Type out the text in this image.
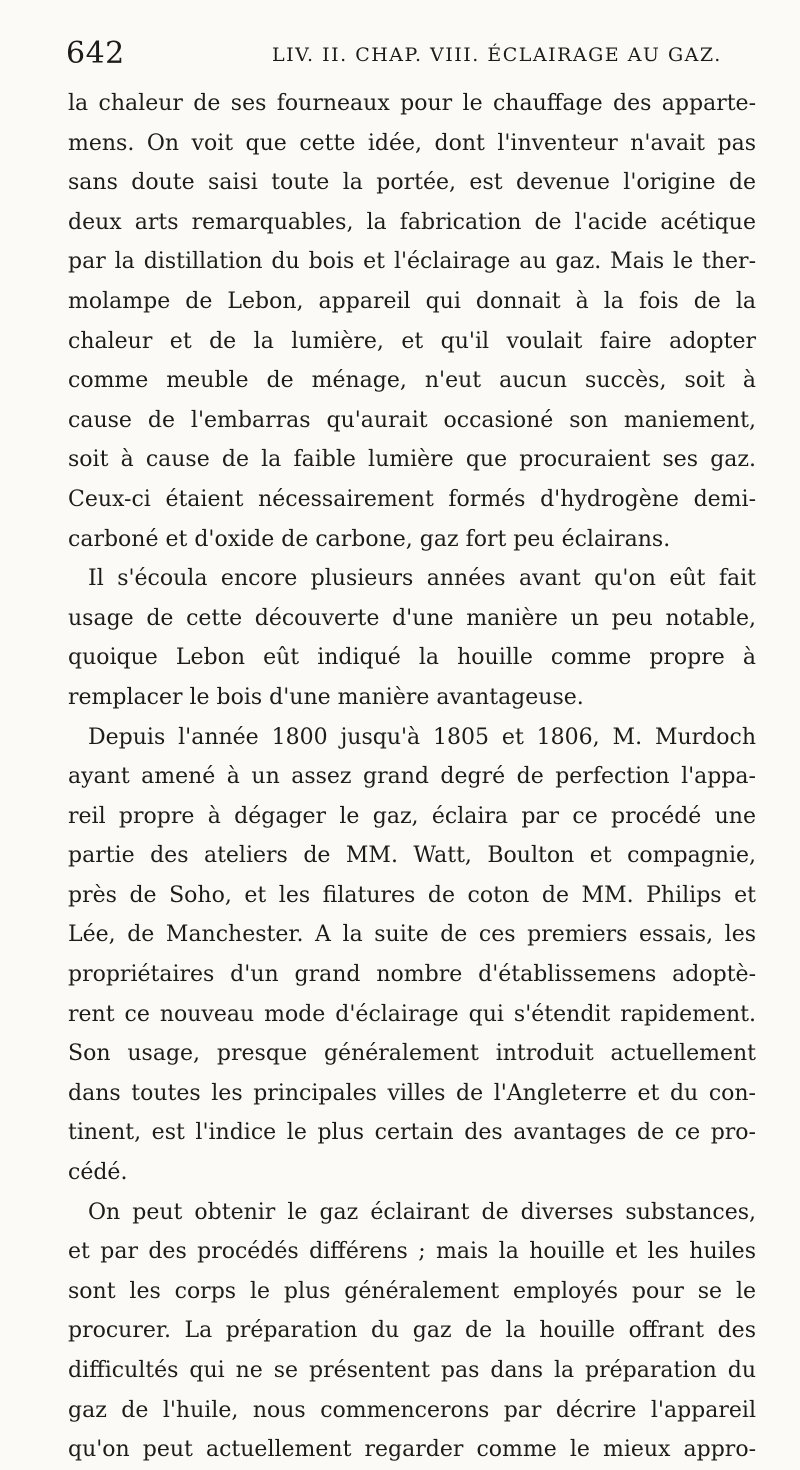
642	LIV. II. CHAP. VIII. ÉCLAIRAGE AU GAZ.

la chaleur de ses fourneaux pour le chauffage des apparte-
mens. On voit que cette idée, dont l'inventeur n'avait pas
sans doute saisi toute la portée, est devenue l'origine de
deux arts remarquables, la fabrication de l'acide acétique
par la distillation du bois et l'éclairage au gaz. Mais le ther-
molampe de Lebon, appareil qui donnait à la fois de la
chaleur et de la lumière, et qu'il voulait faire adopter
comme meuble de ménage, n'eut aucun succès, soit à
cause de l'embarras qu'aurait occasioné son maniement,
soit à cause de la faible lumière que procuraient ses gaz.
Ceux-ci étaient nécessairement formés d'hydrogène demi-
carboné et d'oxide de carbone, gaz fort peu éclairans.

Il s'écoula encore plusieurs années avant qu'on eût fait
usage de cette découverte d'une manière un peu notable,
quoique Lebon eût indiqué la houille comme propre à
remplacer le bois d'une manière avantageuse.

Depuis l'année 1800 jusqu'à 1805 et 1806, M. Murdoch
ayant amené à un assez grand degré de perfection l'appa-
reil propre à dégager le gaz, éclaira par ce procédé une
partie des ateliers de MM. Watt, Boulton et compagnie,
près de Soho, et les filatures de coton de MM. Philips et
Lée, de Manchester. A la suite de ces premiers essais, les
propriétaires d'un grand nombre d'établissemens adoptè-
rent ce nouveau mode d'éclairage qui s'étendit rapidement.
Son usage, presque généralement introduit actuellement
dans toutes les principales villes de l'Angleterre et du con-
tinent, est l'indice le plus certain des avantages de ce pro-
cédé.

On peut obtenir le gaz éclairant de diverses substances,
et par des procédés différens ; mais la houille et les huiles
sont les corps le plus généralement employés pour se le
procurer. La préparation du gaz de la houille offrant des
difficultés qui ne se présentent pas dans la préparation du
gaz de l'huile, nous commencerons par décrire l'appareil
qu'on peut actuellement regarder comme le mieux appro-
